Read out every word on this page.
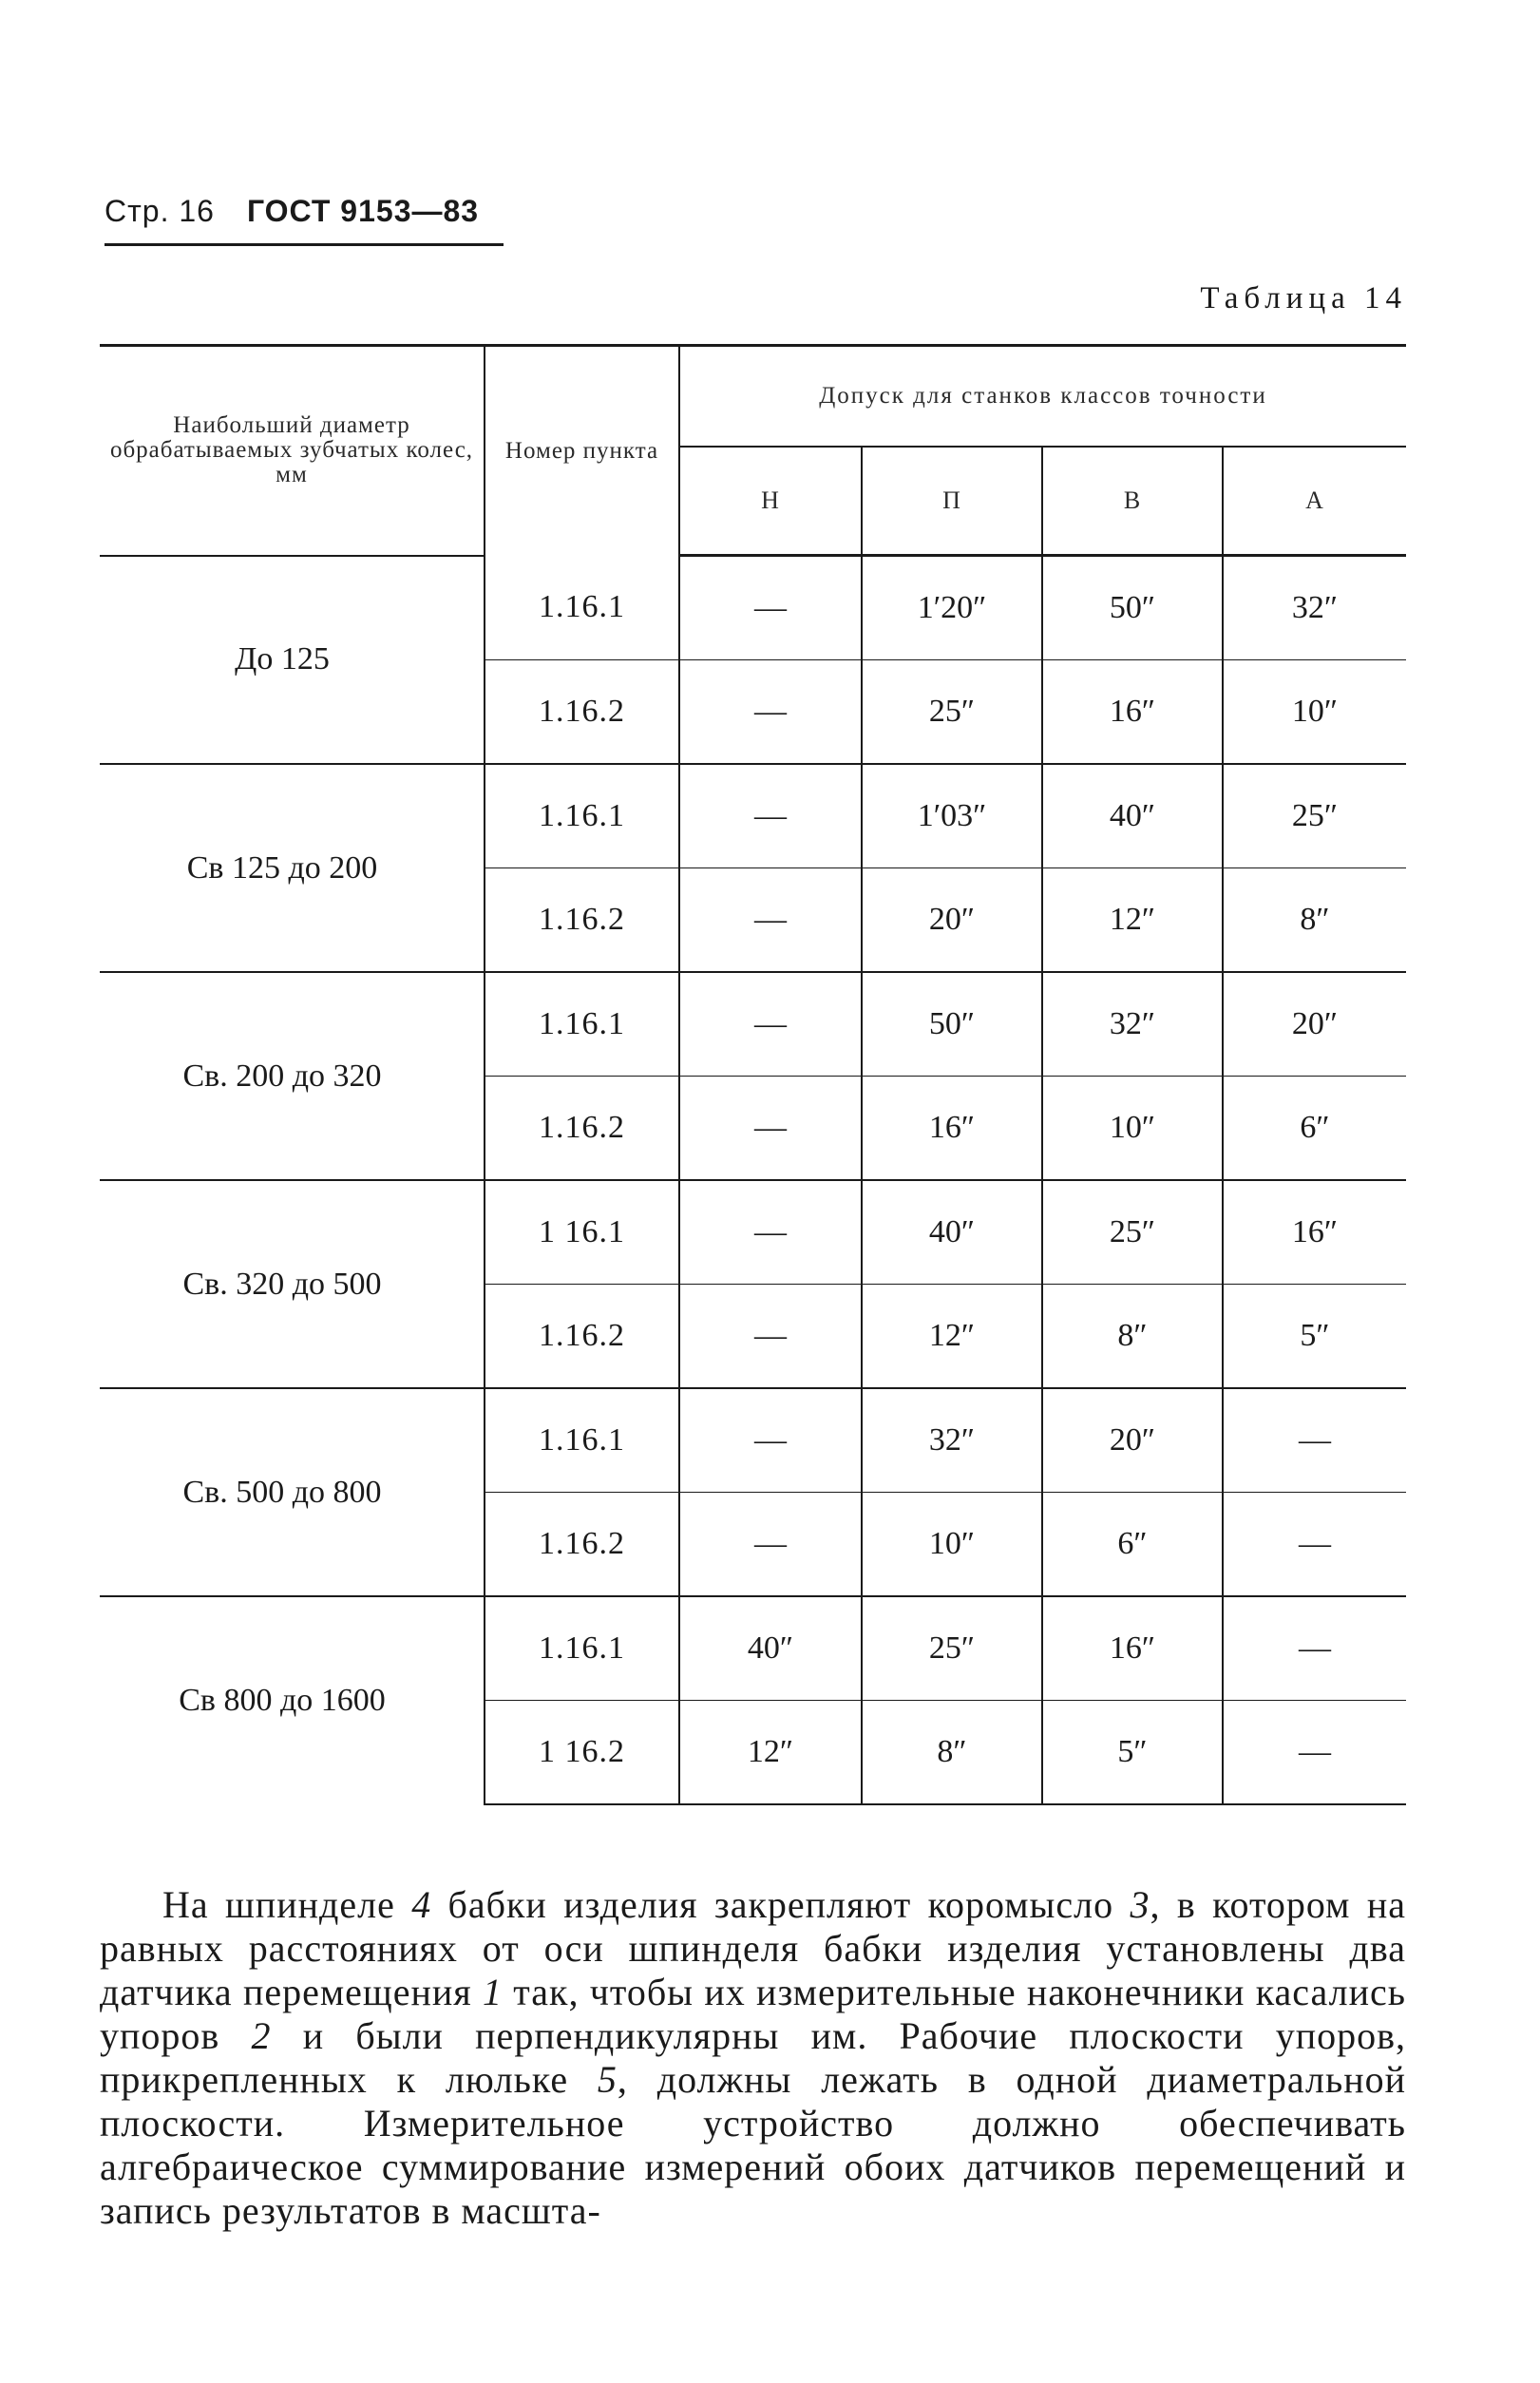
Стр. 16 ГОСТ 9153—83
Таблица 14
Наибольший диаметр обрабатываемых зубчатых колес, мм	Номер пункта	Допуск для станков классов точности			
		Н	П	В	А

До 125	1.16.1	—	1′20″	50″	32″
	1.16.2	—	25″	16″	10″

Св 125 до 200	1.16.1	—	1′03″	40″	25″
	1.16.2	—	20″	12″	8″

Св. 200 до 320	1.16.1	—	50″	32″	20″
	1.16.2	—	16″	10″	6″

Св. 320 до 500	1 16.1	—	40″	25″	16″
	1.16.2	—	12″	8″	5″

Св. 500 до 800	1.16.1	—	32″	20″	—
	1.16.2	—	10″	6″	—

Св 800 до 1600	1.16.1	40″	25″	16″	—
	1 16.2	12″	8″	5″	—

На шпинделе 4 бабки изделия закрепляют коромысло 3, в котором на равных расстояниях от оси шпинделя бабки изделия установлены два датчика перемещения 1 так, чтобы их измерительные наконечники касались упоров 2 и были перпендикулярны им. Рабочие плоскости упоров, прикрепленных к люльке 5, должны лежать в одной диаметральной плоскости. Измерительное устройство должно обеспечивать алгебраическое суммирование измерений обоих датчиков перемещений и запись результатов в масшта-
